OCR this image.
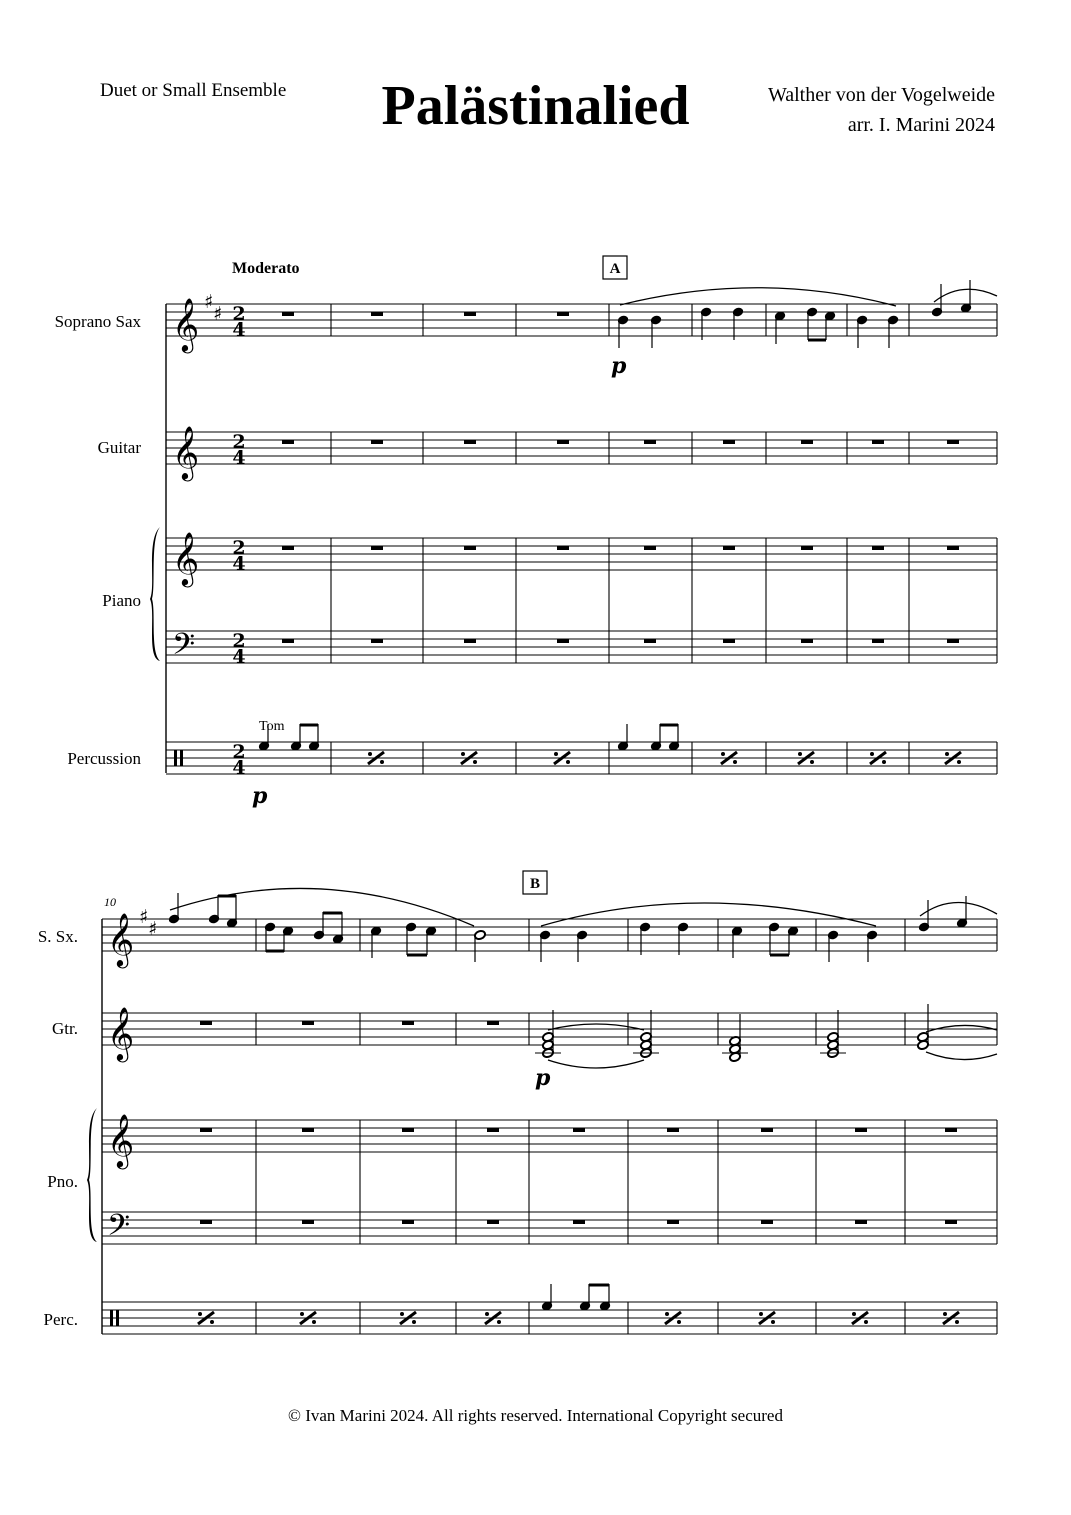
Duet or Small Ensemble	Palästinalied	Walther von der Vogelweide
arr. I. Marini 2024
Soprano Sax
Guitar
Piano
Percussion
Moderato	A
𝄞
𝄞
𝄞
𝄢
♯
♯ 2
4
2
4
2
4
2
4
2
4
p
Tom
p
S. Sx.
Gtr.
Pno.
Perc.
10
B
𝄞
𝄞
𝄞
𝄢
♯
♯
p
© Ivan Marini 2024. All rights reserved. International Copyright secured
